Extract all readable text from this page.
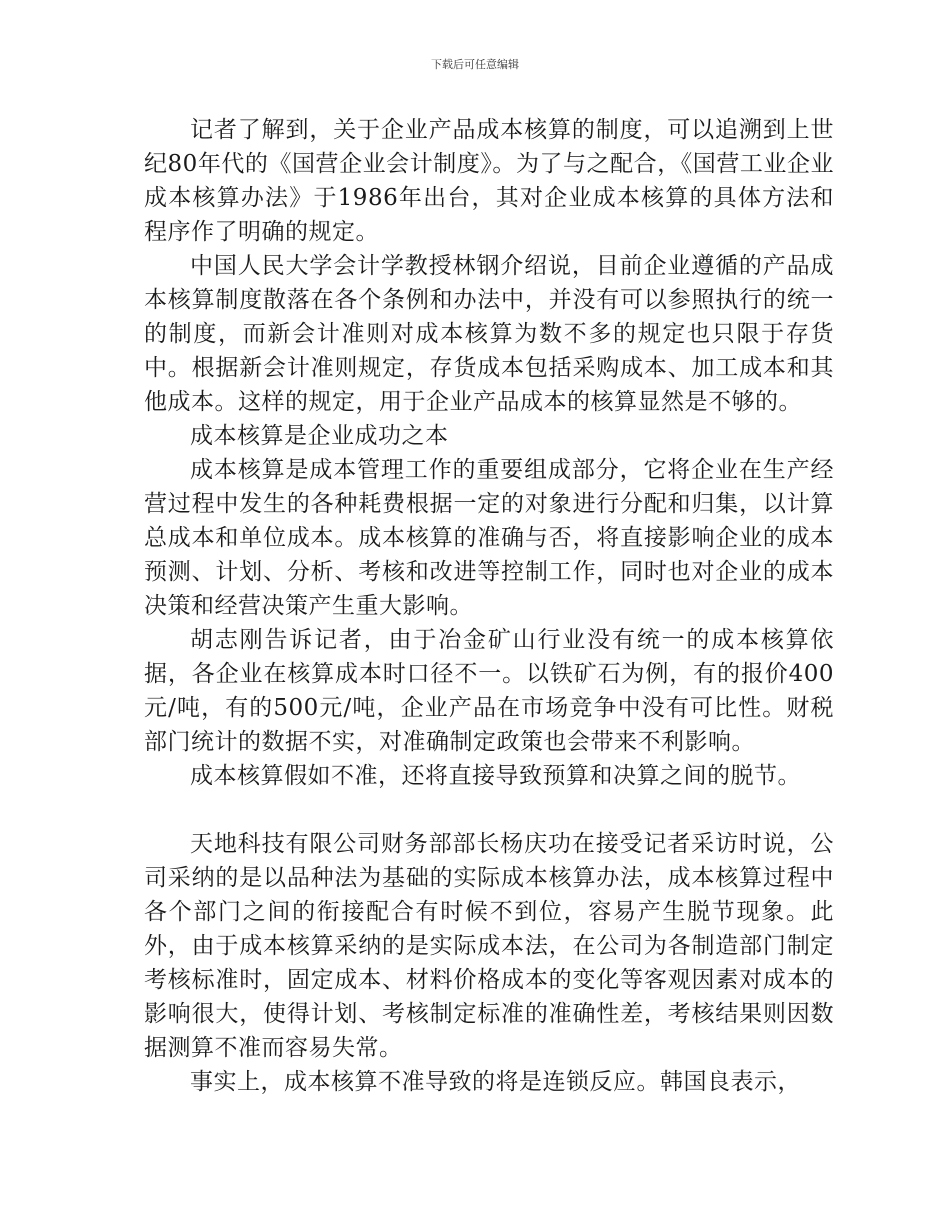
下载后可任意编辑

记者了解到，关于企业产品成本核算的制度，可以追溯到上世纪80年代的《国营企业会计制度》。为了与之配合，《国营工业企业成本核算办法》于1986年出台，其对企业成本核算的具体方法和程序作了明确的规定。

中国人民大学会计学教授林钢介绍说，目前企业遵循的产品成本核算制度散落在各个条例和办法中，并没有可以参照执行的统一的制度，而新会计准则对成本核算为数不多的规定也只限于存货中。根据新会计准则规定，存货成本包括采购成本、加工成本和其他成本。这样的规定，用于企业产品成本的核算显然是不够的。

成本核算是企业成功之本

成本核算是成本管理工作的重要组成部分，它将企业在生产经营过程中发生的各种耗费根据一定的对象进行分配和归集，以计算总成本和单位成本。成本核算的准确与否，将直接影响企业的成本预测、计划、分析、考核和改进等控制工作，同时也对企业的成本决策和经营决策产生重大影响。

胡志刚告诉记者，由于冶金矿山行业没有统一的成本核算依据，各企业在核算成本时口径不一。以铁矿石为例，有的报价400元/吨，有的500元/吨，企业产品在市场竞争中没有可比性。财税部门统计的数据不实，对准确制定政策也会带来不利影响。

成本核算假如不准，还将直接导致预算和决算之间的脱节。

天地科技有限公司财务部部长杨庆功在接受记者采访时说，公司采纳的是以品种法为基础的实际成本核算办法，成本核算过程中各个部门之间的衔接配合有时候不到位，容易产生脱节现象。此外，由于成本核算采纳的是实际成本法，在公司为各制造部门制定考核标准时，固定成本、材料价格成本的变化等客观因素对成本的影响很大，使得计划、考核制定标准的准确性差，考核结果则因数据测算不准而容易失常。

事实上，成本核算不准导致的将是连锁反应。韩国良表示，
